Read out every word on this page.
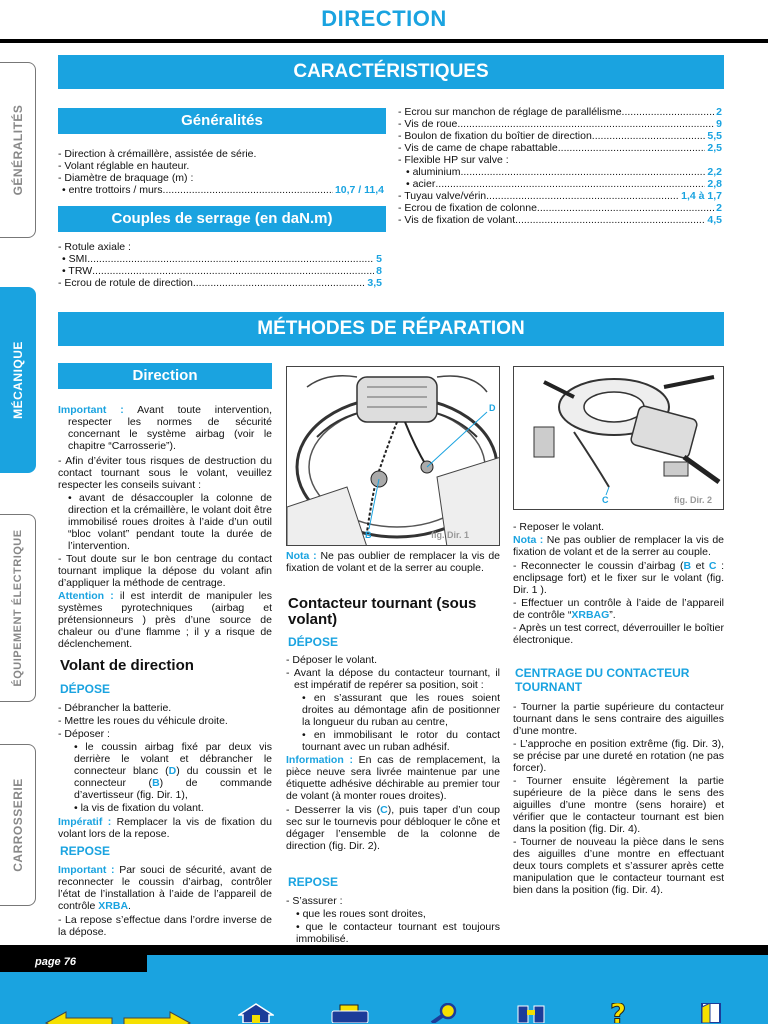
DIRECTION
GÉNÉRALITÉS
MÉCANIQUE
ÉQUIPEMENT ÉLECTRIQUE
CARROSSERIE
CARACTÉRISTIQUES
Généralités
- Direction à crémaillère, assistée de série.
- Volant réglable en hauteur.
- Diamètre de braquage (m) :
• entre trottoirs / murs .....	10,7 / 11,4
Couples de serrage (en daN.m)
- Rotule axiale :
• SMI .....	5
• TRW .....	8
- Ecrou de rotule de direction .....	3,5
- Ecrou sur manchon de réglage de parallélisme .....	2
- Vis de roue .....	9
- Boulon de fixation du boîtier de direction .....	5,5
- Vis de came de chape rabattable .....	2,5
- Flexible HP sur valve :
• aluminium .....	2,2
• acier .....	2,8
- Tuyau valve/vérin .....	1,4 à 1,7
- Ecrou de fixation de colonne .....	2
- Vis de fixation de volant .....	4,5
MÉTHODES DE RÉPARATION
Direction

Important : Avant toute intervention, respecter les normes de sécurité concernant le système airbag (voir le chapitre “Carrosserie”).

- Afin d’éviter tous risques de destruction du contact tournant sous le volant, veuillez respecter les conseils suivant :

• avant de désaccoupler la colonne de direction et la crémaillère, le volant doit être immobilisé roues droites à l’aide d’un outil “bloc volant” pendant toute la durée de l’intervention.

- Tout doute sur le bon centrage du contact tournant implique la dépose du volant afin d’appliquer la méthode de centrage.

Attention : il est interdit de manipuler les systèmes pyrotechniques (airbag et prétensionneurs ) près d’une source de chaleur ou d’une flamme ; il y a risque de déclenchement.

Volant de direction
DÉPOSE

- Débrancher la batterie.

- Mettre les roues du véhicule droite.

- Déposer :

• le coussin airbag fixé par deux vis derrière le volant et débrancher le connecteur blanc (D) du coussin et le connecteur (B) de commande d’avertisseur (fig. Dir. 1),

• la vis de fixation du volant.

Impératif : Remplacer la vis de fixation du volant lors de la repose.

REPOSE

Important : Par souci de sécurité, avant de reconnecter le coussin d’airbag, contrôler l’état de l’installation à l’aide de l’appareil de contrôle XRBA.

- La repose s’effectue dans l’ordre inverse de la dépose.

D
B	fig. Dir. 1

Nota : Ne pas oublier de remplacer la vis de fixation de volant et de la serrer au couple.

Contacteur tournant (sous volant)
DÉPOSE

- Déposer le volant.

- Avant la dépose du contacteur tournant, il est impératif de repérer sa position, soit :

• en s’assurant que les roues soient droites au démontage afin de positionner la longueur du ruban au centre,

• en immobilisant le rotor du contact tournant avec un ruban adhésif.

Information : En cas de remplacement, la pièce neuve sera livrée maintenue par une étiquette adhésive déchirable au premier tour de volant (à monter roues droites).

- Desserrer la vis (C), puis taper d’un coup sec sur le tournevis pour débloquer le cône et dégager l’ensemble de la colonne de direction (fig. Dir. 2).

REPOSE

- S’assurer :

• que les roues sont droites,

• que le contacteur tournant est toujours immobilisé.

C	fig. Dir. 2

- Reposer le volant.

Nota : Ne pas oublier de remplacer la vis de fixation de volant et de la serrer au couple.

- Reconnecter le coussin d’airbag (B et C : enclipsage fort) et le fixer sur le volant (fig. Dir. 1 ).

- Effectuer un contrôle à l’aide de l’appareil de contrôle “XRBAG”.

- Après un test correct, déverrouiller le boîtier électronique.

CENTRAGE DU CONTACTEUR TOURNANT

- Tourner la partie supérieure du contacteur tournant dans le sens contraire des aiguilles d’une montre.

- L’approche en position extrême (fig. Dir. 3), se précise par une dureté en rotation (ne pas forcer).

- Tourner ensuite légèrement la partie supérieure de la pièce dans le sens des aiguilles d’une montre (sens horaire) et vérifier que le contacteur tournant est bien dans la position (fig. Dir. 4).

- Tourner de nouveau la pièce dans le sens des aiguilles d’une montre en effectuant deux tours complets et s’assurer après cette manipulation que le contacteur tournant est bien dans la position (fig. Dir. 4).

page 76
?
